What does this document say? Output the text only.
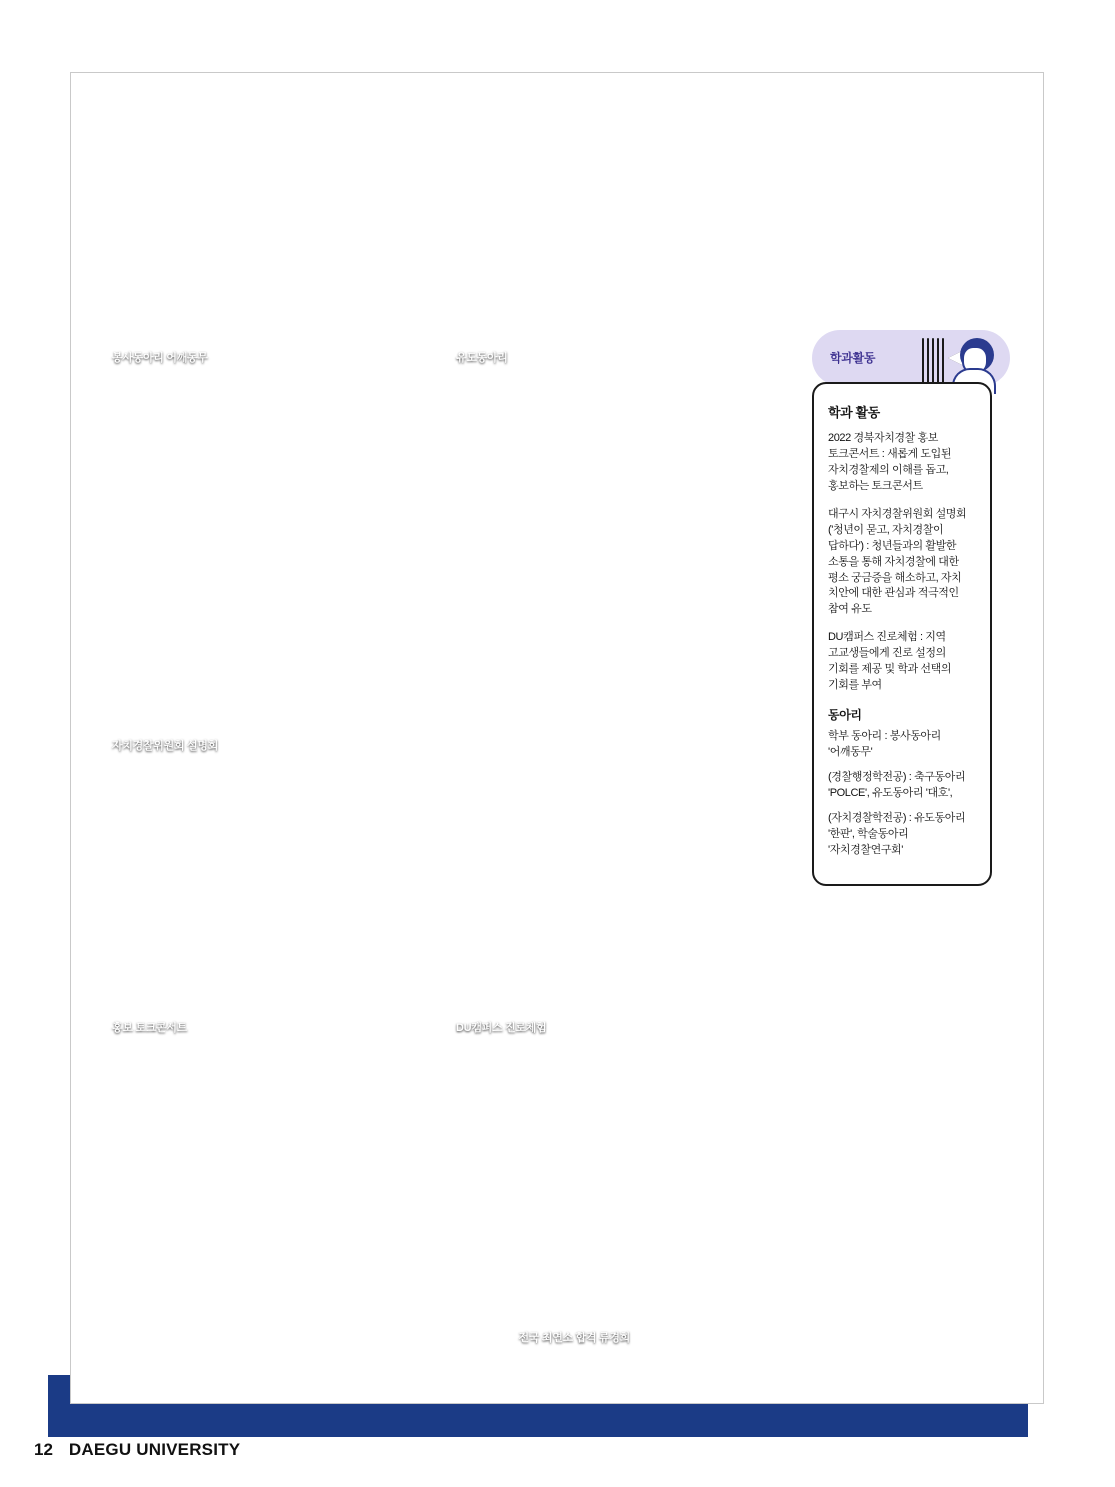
봉사동아리 어깨동무	유도동아리

자치경찰위원회 설명회
홍보 토크콘서트	DU캠퍼스 진로체험
전국 최연소 합격 류경희
학과활동
학과 활동

2022 경북자치경찰 홍보 토크콘서트 : 새롭게 도입된 자치경찰제의 이해를 돕고, 홍보하는 토크콘서트

대구시 자치경찰위원회 설명회('청년이 묻고, 자치경찰이 답하다') : 청년들과의 활발한 소통을 통해 자치경찰에 대한 평소 궁금증을 해소하고, 자치 치안에 대한 관심과 적극적인 참여 유도

DU캠퍼스 진로체험 : 지역 고교생들에게 진로 설정의 기회를 제공 및 학과 선택의 기회를 부여

동아리

학부 동아리 : 봉사동아리 '어깨동무'

(경찰행정학전공) : 축구동아리 'POLCE', 유도동아리 '대호',

(자치경찰학전공) : 유도동아리 '한판', 학술동아리 '자치경찰연구회'

12 DAEGU UNIVERSITY
